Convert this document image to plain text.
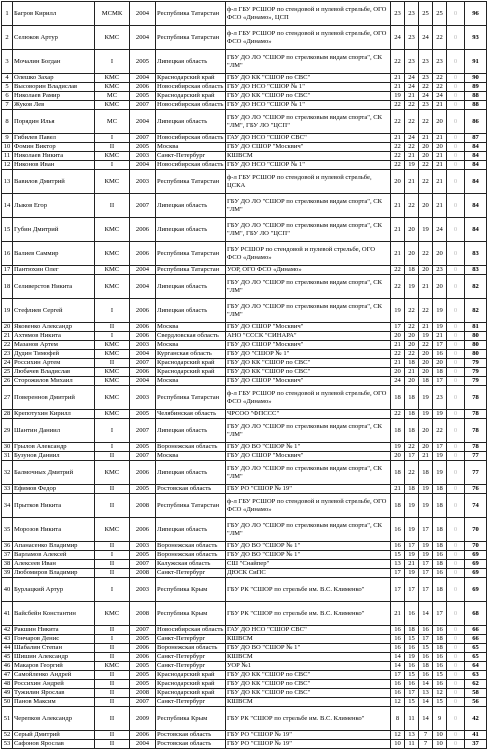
1	Багров Кирилл	МСМК	2004	Республика Татарстан	ф-л ГБУ РСШОР по стендовой и пулевой стрельбе, ОГО ФСО «Динамо», ЦСП	23	23	25	25	0	96
2	Селюков Артур	КМС	2004	Республика Татарстан	ф-л ГБУ РСШОР по стендовой и пулевой стрельбе, ОГО ФСО «Динамо»	24	23	24	22	0	93
3	Мочалин Богдан	I	2005	Липецкая область	ГБУ ДО ЛО "СШОР по стрелковым видам спорта", СК "ЛМ"	22	23	23	23	0	91
4	Олешко Захар	КМС	2004	Краснодарский край	ГБУ ДО КК "СШОР по СВС"	21	24	23	22	0	90
5	Высоворин Владислав	КМС	2006	Новосибирская область	ГБУ ДО НСО "СШОР № 1"	21	24	22	22	0	89
6	Николаев Рамир	МС	2005	Краснодарский край	ГБУ ДО КК "СШОР по СВС"	19	21	24	24	0	88
7	Жуков Лев	КМС	2007	Новосибирская область	ГБУ ДО НСО "СШОР № 1"	22	22	23	21	0	88
8	Порядин Илья	МС	2004	Липецкая область	ГБУ ДО ЛО "СШОР по стрелковым видам спорта", СК "ЛМ", ГБУ ЛО "ЦСП"	22	22	22	20	0	86
9	Гибилев Павел	I	2007	Новосибирская область	ГАУ ДО НСО "СШОР СВС"	21	24	21	21	0	87
10	Фомин Виктор	II	2005	Москва	ГБУ ДО СШОР "Москвич"	22	22	20	20	0	84
11	Николаев Никита	КМС	2003	Санкт-Петербург	КШВСМ	22	21	20	21	0	84
12	Никонов Иван	I	2004	Новосибирская область	ГБУ ДО НСО "СШОР № 1"	22	19	22	21	0	84
13	Вавилов Дмитрий	КМС	2003	Республика Татарстан	ф-л ГБУ РСШОР по стендовой и пулевой стрельбе, ЦСКА	20	21	22	21	0	84
14	Лыков Егор	II	2007	Липецкая область	ГБУ ДО ЛО "СШОР по стрелковым видам спорта", СК "ЛМ"	21	22	20	21	0	84
15	Губин Дмитрий	КМС	2006	Липецкая область	ГБУ ДО ЛО "СШОР по стрелковым видам спорта", СК "ЛМ", ГБУ ЛО "ЦСП"	21	20	19	24	0	84
16	Валиев Саммир	КМС	2006	Республика Татарстан	ГБУ РСШОР по стендовой и пулевой стрельбе, ОГО ФСО «Динамо»	21	20	22	20	0	83
17	Пантюхин Олег	КМС	2004	Республика Татарстан	УОР, ОГО ФСО «Динамо»	22	18	20	23	0	83
18	Селиверстов Никита	КМС	2004	Липецкая область	ГБУ ДО ЛО "СШОР по стрелковым видам спорта", СК "ЛМ"	22	19	21	20	0	82
19	Стефлиев Сергей	I	2006	Липецкая область	ГБУ ДО ЛО "СШОР по стрелковым видам спорта", СК "ЛМ"	19	22	22	19	0	82
20	Яковенко Александр	II	2006	Москва	ГБУ ДО СШОР "Москвич"	17	22	21	19	0	81
21	Ахтямов Никита	I	2006	Свердловская область	АНО "СССК "СИНАРА"	20	20	19	21	0	80
22	Мазанов Артем	КМС	2003	Москва	ГБУ ДО СШОР "Москвич"	21	20	22	17	0	80
23	Дудин Тимофей	КМС	2004	Курганская область	ГБУ ДО "СШОР № 1"	22	22	20	16	0	80
24	Россихин Артем	II	2007	Краснодарский край	ГБУ ДО КК "СШОР по СВС"	21	18	20	20	0	79
25	Любачев Владислав	КМС	2006	Краснодарский край	ГБУ ДО КК "СШОР по СВС"	20	21	20	18	0	79
26	Сторожилов Михаил	КМС	2004	Москва	ГБУ ДО СШОР "Москвич"	24	20	18	17	0	79
27	Повереннов Дмитрий	КМС	2003	Республика Татарстан	ф-л ГБУ РСШОР по стендовой и пулевой стрельбе, ОГО ФСО «Динамо»	18	18	19	23	0	78
28	Крепотухин Кирилл	КМС	2005	Челябинская область	ЧРСОО "ФПССС"	22	18	19	19	0	78
29	Шантин Даниил	I	2007	Липецкая область	ГБУ ДО ЛО "СШОР по стрелковым видам спорта", СК "ЛМ"	18	18	20	22	0	78
30	Грылов Александр	I	2005	Воронежская область	ГБУ ДО ВО "СШОР № 1"	19	22	20	17	0	78
31	Бузунов Даниил	II	2007	Москва	ГБУ ДО СШОР "Москвич"	20	17	21	19	0	77
32	Балмочных Дмитрий	КМС	2006	Липецкая область	ГБУ ДО ЛО "СШОР по стрелковым видам спорта", СК "ЛМ"	18	22	18	19	0	77
33	Ефимов Федор	II	2005	Ростовская область	ГБУ РО "СШОР № 19"	21	18	19	18	0	76
34	Прытков Никита	II	2008	Республика Татарстан	ф-л ГБУ РСШОР по стендовой и пулевой стрельбе, ОГО ФСО «Динамо»	18	19	19	18	0	74
35	Морозов Никита	КМС	2006	Липецкая область	ГБУ ДО ЛО "СШОР по стрелковым видам спорта", СК "ЛМ"	16	19	17	18	0	70
36	Апанасенко Владимир	II	2003	Воронежская область	ГБУ ДО ВО "СШОР № 1"	16	17	19	18	0	70
37	Варламов Алексей	I	2005	Воронежская область	ГБУ ДО ВО "СШОР № 1"	15	19	19	16	0	69
38	Алексеев Иван	II	2007	Калужская область	СШ "Снайпер"	13	21	17	18	0	69
39	Любомиров Владимир	II	2008	Санкт-Петербург	ДЮСК СиПС	17	19	17	16	0	69
40	Бурлацкий Артур	I	2003	Республика Крым	ГБУ РК "СШОР по стрельбе им. В.С. Клименко"	17	17	17	18	0	69
41	Вайсбейн Константин	КМС	2008	Республика Крым	ГБУ РК "СШОР по стрельбе им. В.С. Клименко"	21	16	14	17	0	68
42	Ракшин Никита	II	2007	Новосибирская область	ГАУ ДО НСО "СШОР СВС"	16	18	16	16	0	66
43	Гончаров Денис	I	2005	Санкт-Петербург	КШВСМ	16	15	17	18	0	66
44	Шабалин Степан	II	2006	Воронежская область	ГБУ ДО ВО "СШОР № 1"	16	16	15	18	0	65
45	Шишин Александр	II	2006	Санкт-Петербург	КШВСМ	14	19	16	16	0	65
46	Макаров Георгий	КМС	2005	Санкт-Петербург	УОР №1	14	16	18	16	0	64
47	Самойленко Андрей	II	2005	Краснодарский край	ГБУ ДО КК "СШОР по СВС"	17	15	16	15	0	63
48	Россихин Андрей	II	2005	Краснодарский край	ГБУ ДО КК "СШОР по СВС"	16	16	14	16	0	62
49	Тужилин Ярослав	II	2008	Краснодарский край	ГБУ ДО КК "СШОР по СВС"	16	17	13	12	0	58
50	Панов Максим	II	2007	Санкт-Петербург	КШВСМ	12	15	14	15	0	56
51	Черепков Александр	II	2009	Республика Крым	ГБУ РК "СШОР по стрельбе им. В.С. Клименко"	8	11	14	9	0	42
52	Серый Дмитрий	II	2006	Ростовская область	ГБУ РО "СШОР № 19"	12	13	7	10	0	41
53	Сафонов Ярослав	II	2004	Ростовская область	ГБУ РО "СШОР № 19"	10	11	7	10	0	37
